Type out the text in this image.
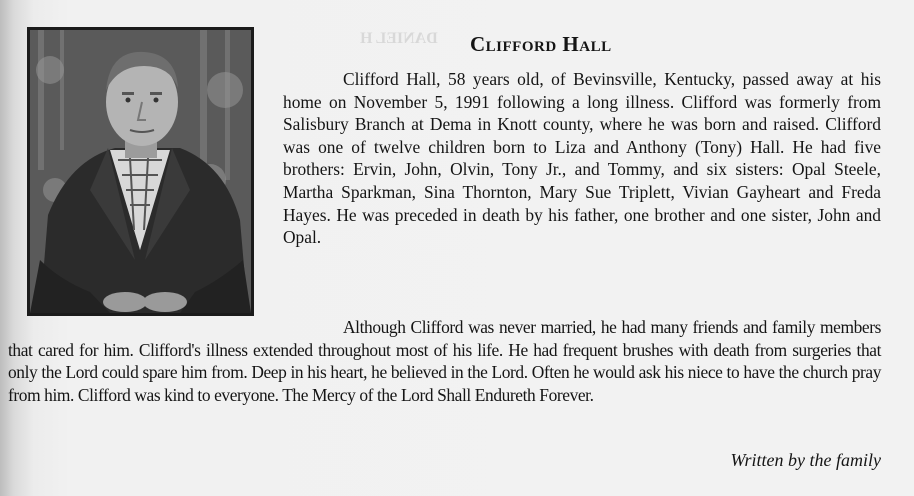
DANIEL H Clifford Hall
Clifford Hall, 58 years old, of Bevinsville, Kentucky, passed away at his home on November 5, 1991 following a long illness. Clifford was formerly from Salisbury Branch at Dema in Knott county, where he was born and raised. Clifford was one of twelve children born to Liza and Anthony (Tony) Hall. He had five brothers: Ervin, John, Olvin, Tony Jr., and Tommy, and six sisters: Opal Steele, Martha Sparkman, Sina Thornton, Mary Sue Triplett, Vivian Gayheart and Freda Hayes. He was preceded in death by his father, one brother and one sister, John and Opal.
Although Clifford was never married, he had many friends and family members that cared for him. Clifford's illness extended throughout most of his life. He had frequent brushes with death from surgeries that only the Lord could spare him from. Deep in his heart, he believed in the Lord. Often he would ask his niece to have the church pray from him. Clifford was kind to everyone. The Mercy of the Lord Shall Endureth Forever.
Written by the family
